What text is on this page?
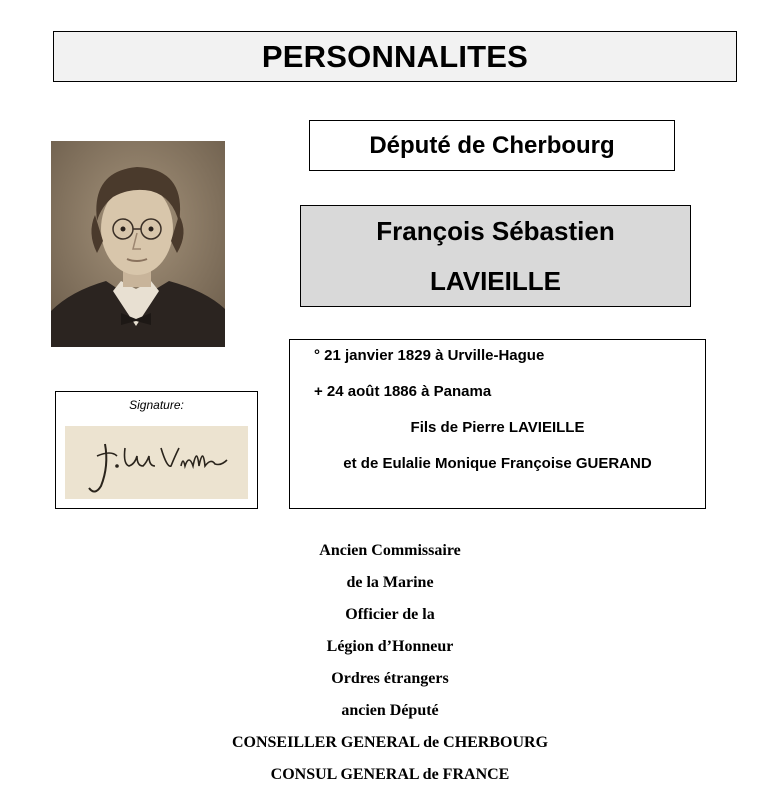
PERSONNALITES
Député de Cherbourg
François Sébastien
LAVIEILLE
Signature:
° 21 janvier 1829 à Urville-Hague
+ 24 août 1886 à Panama
Fils de Pierre LAVIEILLE
et de Eulalie Monique Françoise GUERAND
Ancien Commissaire
de la Marine
Officier de la
Légion d’Honneur
Ordres étrangers
ancien Député
CONSEILLER GENERAL de CHERBOURG
CONSUL GENERAL de FRANCE
